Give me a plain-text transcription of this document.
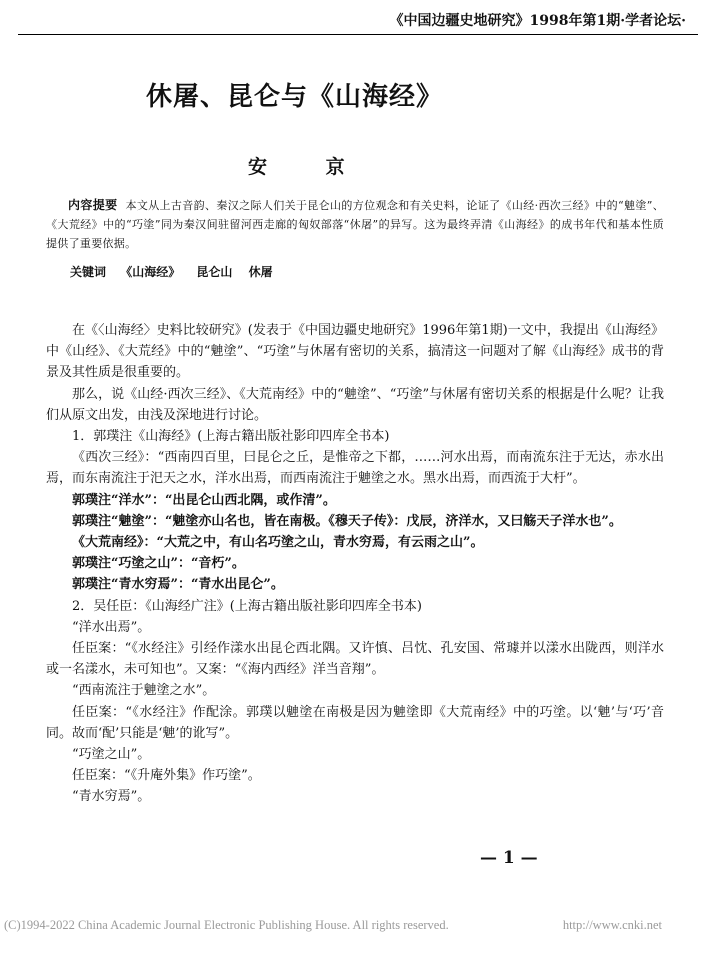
《中国边疆史地研究》1998年第1期·学者论坛·
休屠、昆仑与《山海经》
安 京
内容提要 本文从上古音韵、秦汉之际人们关于昆仑山的方位观念和有关史料，论证了《山经·西次三经》中的“䰠塗”、《大荒经》中的“巧塗”同为秦汉间驻留河西走廊的匈奴部落“休屠”的异写。这为最终弄清《山海经》的成书年代和基本性质提供了重要依据。
关键词 《山海经》 昆仑山 休屠

在《〈山海经〉史料比较研究》(发表于《中国边疆史地研究》1996年第1期)一文中，我提出《山海经》中《山经》、《大荒经》中的“䰠塗”、“巧塗”与休屠有密切的关系，搞清这一问题对了解《山海经》成书的背景及其性质是很重要的。

那么，说《山经·西次三经》、《大荒南经》中的“䰠塗”、“巧塗”与休屠有密切关系的根据是什么呢？让我们从原文出发，由浅及深地进行讨论。

1．郭璞注《山海经》(上海古籍出版社影印四库全书本)

《西次三经》：“西南四百里，曰昆仑之丘，是惟帝之下都，……河水出焉，而南流东注于无达，赤水出焉，而东南流注于汜天之水，洋水出焉，而西南流注于䰠塗之水。黑水出焉，而西流于大杅”。

郭璞注“洋水”：“出昆仑山西北隅，或作清”。

郭璞注“䰠塗”：“䰠塗亦山名也，皆在南极。《穆天子传》：戊辰，济洋水，又曰觞天子洋水也”。

《大荒南经》：“大荒之中，有山名巧塗之山，青水穷焉，有云雨之山”。

郭璞注“巧塗之山”：“音朽”。

郭璞注“青水穷焉”：“青水出昆仑”。

2．吴任臣：《山海经广注》(上海古籍出版社影印四库全书本)

“洋水出焉”。

任臣案：“《水经注》引经作漾水出昆仑西北隅。又许慎、吕忱、孔安国、常璩并以漾水出陇西，则洋水或一名漾水，未可知也”。又案：“《海内西经》洋当音翔”。

“西南流注于䰠塗之水”。

任臣案：“《水经注》作配涂。郭璞以䰠塗在南极是因为䰠塗即《大荒南经》中的巧塗。以‘䰠’与‘巧’音同。故而‘配’只能是‘䰠’的讹写”。

“巧塗之山”。

任臣案：“《升庵外集》作巧塗”。

“青水穷焉”。

— 1 —
(C)1994-2022 China Academic Journal Electronic Publishing House. All rights reserved.	http://www.cnki.net
